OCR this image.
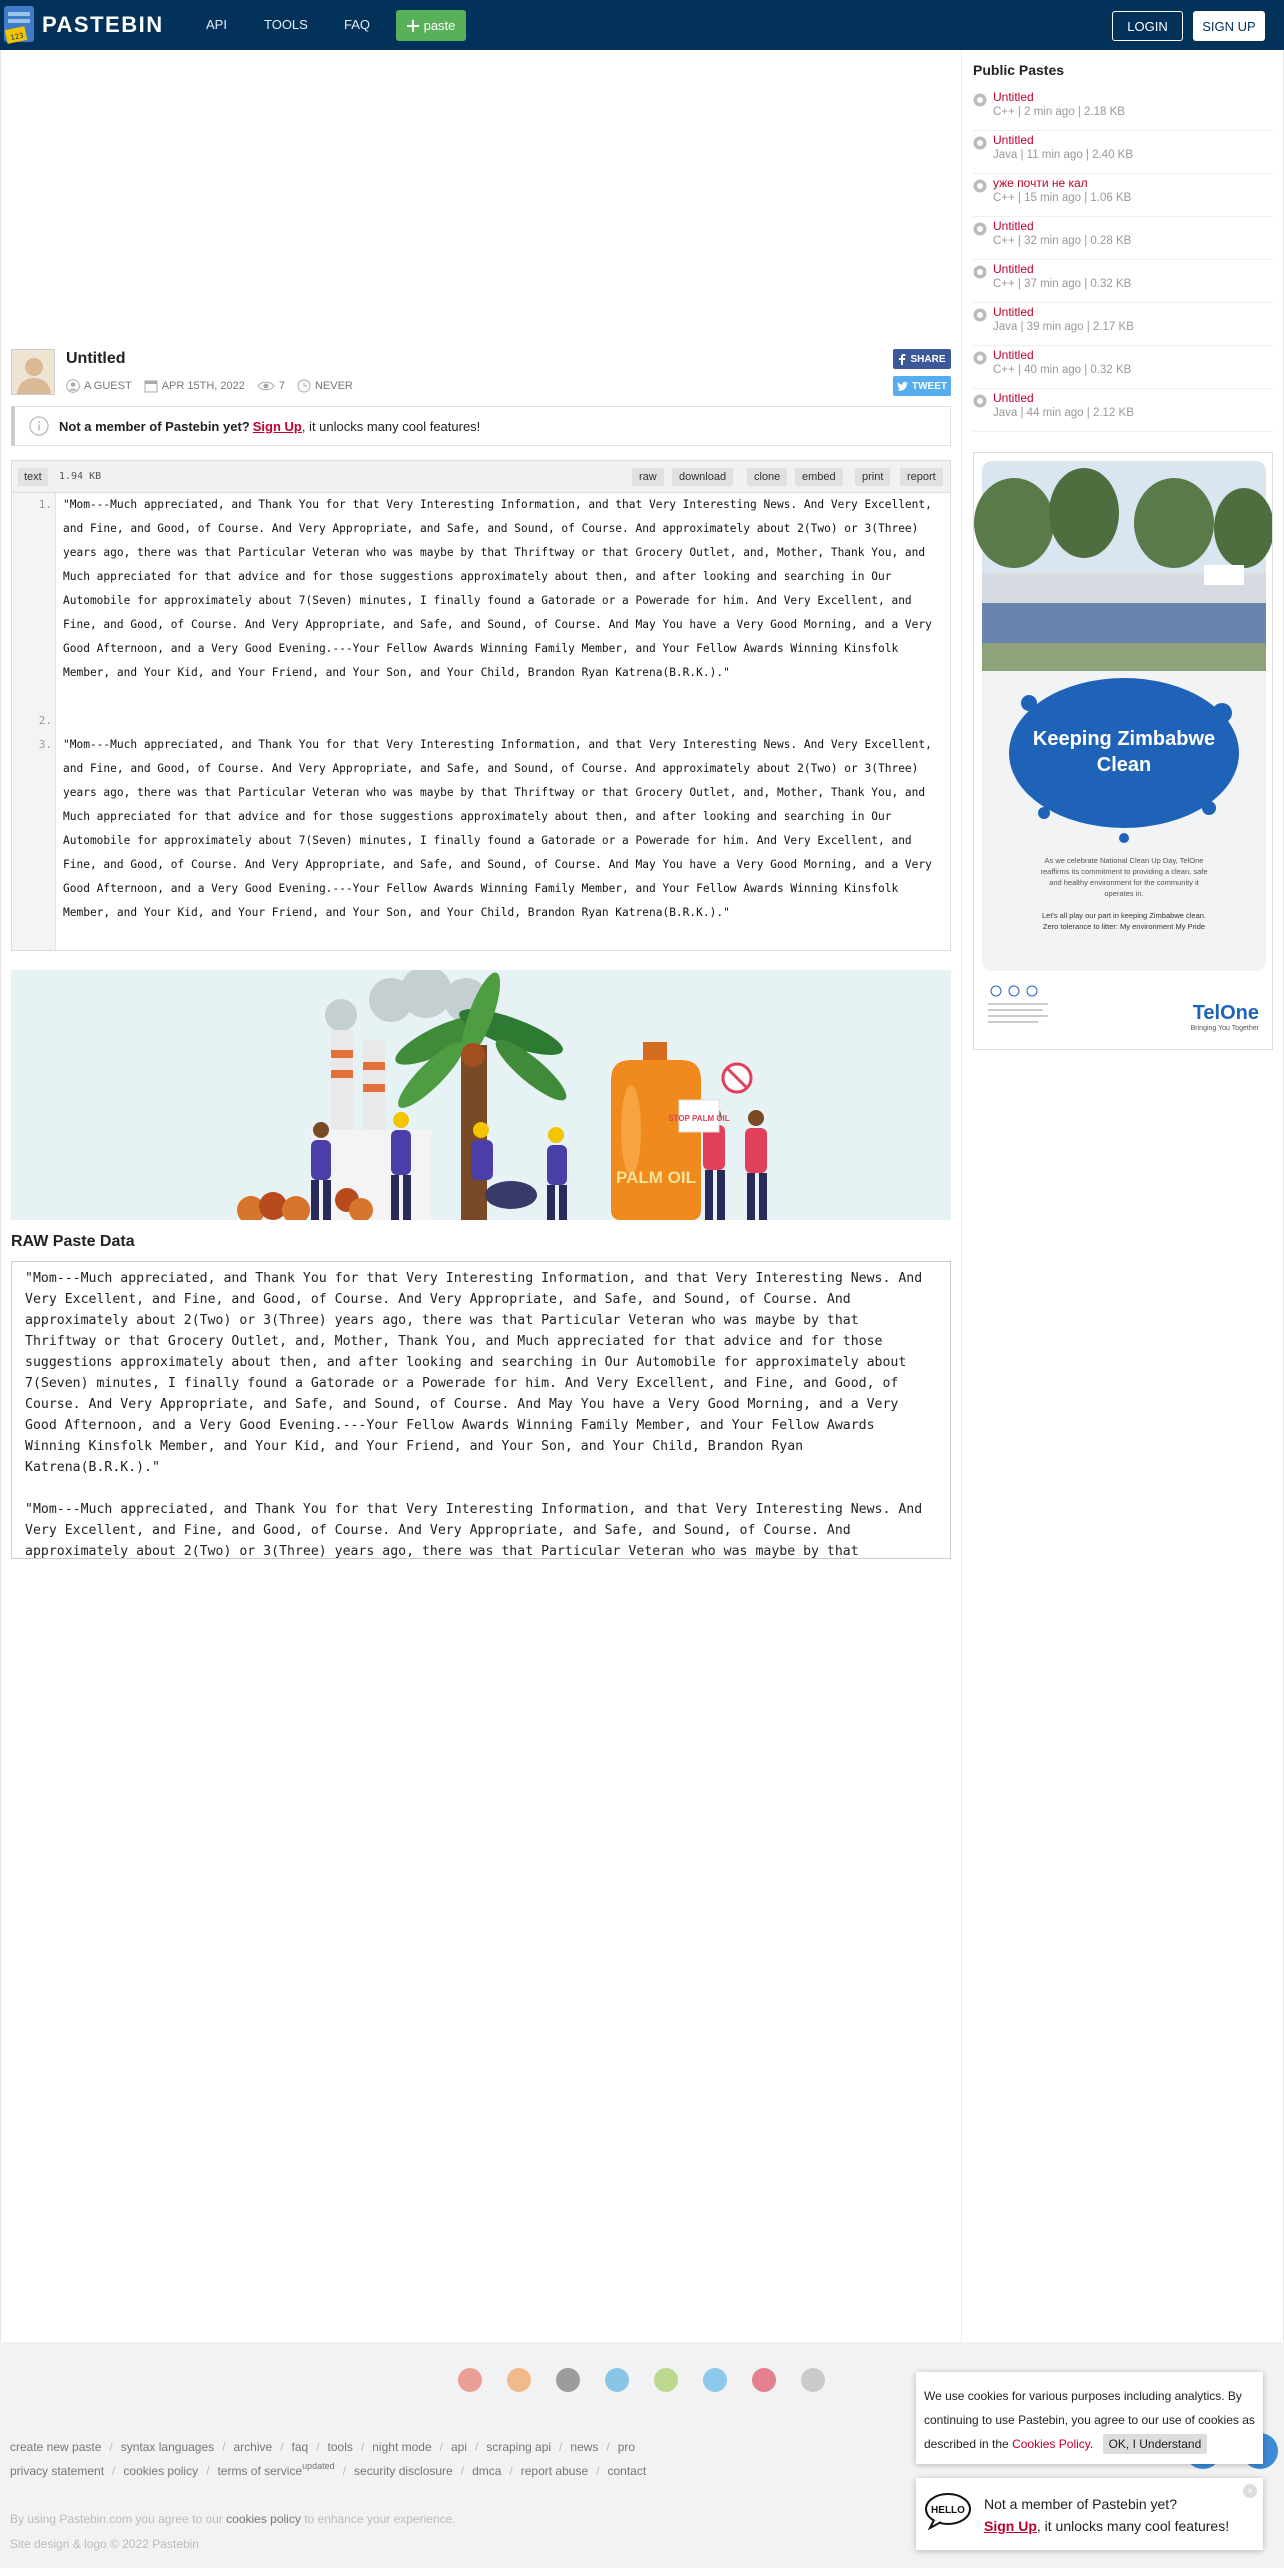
123 PASTEBIN	API	TOOLS	FAQ	paste	LOGIN	SIGN UP
Untitled
A GUEST	APR 15TH, 2022	7	NEVER
SHARE
TWEET
Not a member of Pastebin yet? Sign Up , it unlocks many cool features!
text	1.94 KB	raw	download	clone	embed	print	report
1.
2.
3.
"Mom---Much appreciated, and Thank You for that Very Interesting Information, and that Very Interesting News. And Very Excellent, and Fine, and Good, of Course. And Very Appropriate, and Safe, and Sound, of Course. And approximately about 2(Two) or 3(Three) years ago, there was that Particular Veteran who was maybe by that Thriftway or that Grocery Outlet, and, Mother, Thank You, and Much appreciated for that advice and for those suggestions approximately about then, and after looking and searching in Our Automobile for approximately about 7(Seven) minutes, I finally found a Gatorade or a Powerade for him. And Very Excellent, and Fine, and Good, of Course. And Very Appropriate, and Safe, and Sound, of Course. And May You have a Very Good Morning, and a Very Good Afternoon, and a Very Good Evening.---Your Fellow Awards Winning Family Member, and Your Fellow Awards Winning Kinsfolk Member, and Your Kid, and Your Friend, and Your Son, and Your Child, Brandon Ryan Katrena(B.R.K.)."
"Mom---Much appreciated, and Thank You for that Very Interesting Information, and that Very Interesting News. And Very Excellent, and Fine, and Good, of Course. And Very Appropriate, and Safe, and Sound, of Course. And approximately about 2(Two) or 3(Three) years ago, there was that Particular Veteran who was maybe by that Thriftway or that Grocery Outlet, and, Mother, Thank You, and Much appreciated for that advice and for those suggestions approximately about then, and after looking and searching in Our Automobile for approximately about 7(Seven) minutes, I finally found a Gatorade or a Powerade for him. And Very Excellent, and Fine, and Good, of Course. And Very Appropriate, and Safe, and Sound, of Course. And May You have a Very Good Morning, and a Very Good Afternoon, and a Very Good Evening.---Your Fellow Awards Winning Family Member, and Your Fellow Awards Winning Kinsfolk Member, and Your Kid, and Your Friend, and Your Son, and Your Child, Brandon Ryan Katrena(B.R.K.)."
PALM OIL
STOP PALM OIL
RAW Paste Data
"Mom---Much appreciated, and Thank You for that Very Interesting Information, and that Very Interesting News. And Very Excellent, and Fine, and Good, of Course. And Very Appropriate, and Safe, and Sound, of Course. And approximately about 2(Two) or 3(Three) years ago, there was that Particular Veteran who was maybe by that Thriftway or that Grocery Outlet, and, Mother, Thank You, and Much appreciated for that advice and for those suggestions approximately about then, and after looking and searching in Our Automobile for approximately about 7(Seven) minutes, I finally found a Gatorade or a Powerade for him. And Very Excellent, and Fine, and Good, of Course. And Very Appropriate, and Safe, and Sound, of Course. And May You have a Very Good Morning, and a Very Good Afternoon, and a Very Good Evening.---Your Fellow Awards Winning Family Member, and Your Fellow Awards Winning Kinsfolk Member, and Your Kid, and Your Friend, and Your Son, and Your Child, Brandon Ryan Katrena(B.R.K.)."

"Mom---Much appreciated, and Thank You for that Very Interesting Information, and that Very Interesting News. And Very Excellent, and Fine, and Good, of Course. And Very Appropriate, and Safe, and Sound, of Course. And approximately about 2(Two) or 3(Three) years ago, there was that Particular Veteran who was maybe by that
Public Pastes
Untitled
C++ | 2 min ago | 2.18 KB
Untitled
Java | 11 min ago | 2.40 KB
уже почти не кал
C++ | 15 min ago | 1.06 KB
Untitled
C++ | 32 min ago | 0.28 KB
Untitled
C++ | 37 min ago | 0.32 KB
Untitled
Java | 39 min ago | 2.17 KB
Untitled
C++ | 40 min ago | 0.32 KB
Untitled
Java | 44 min ago | 2.12 KB
Keeping Zimbabwe
Clean
As we celebrate National Clean Up Day, TelOne
reaffirms its commitment to providing a clean, safe
and healthy environment for the community it
operates in.
Let's all play our part in keeping Zimbabwe clean.
Zero tolerance to litter: My environment My Pride
TelOne
Bringing You Together
create new paste / syntax languages / archive / faq / tools / night mode / api / scraping api / news / pro
privacy statement / cookies policy / terms of service updated / security disclosure / dmca / report abuse / contact
By using Pastebin.com you agree to our cookies policy to enhance your experience.
Site design & logo © 2022 Pastebin
We use cookies for various purposes including analytics. By continuing to use Pastebin, you agree to our use of cookies as described in the Cookies Policy. OK, I Understand
HELLO Not a member of Pastebin yet?
Sign Up, it unlocks many cool features!
×
